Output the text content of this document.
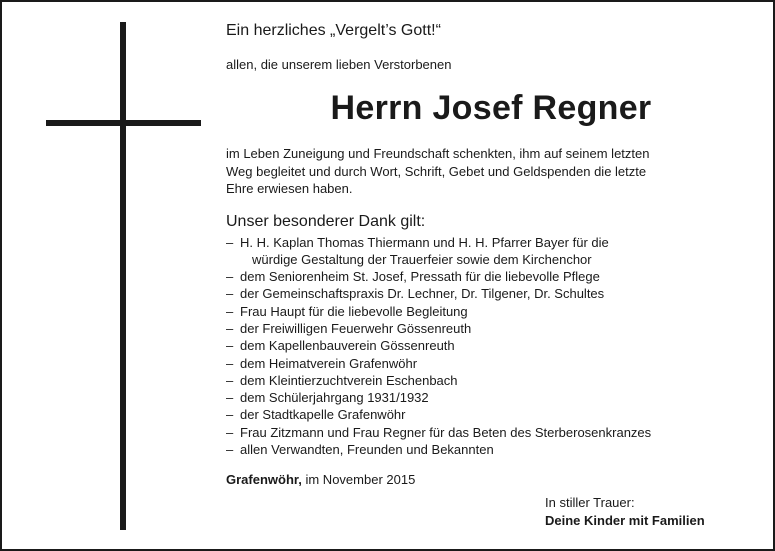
Ein herzliches „Vergelt’s Gott!“

allen, die unserem lieben Verstorbenen

Herrn Josef Regner

im Leben Zuneigung und Freundschaft schenkten, ihm auf seinem letzten
Weg begleitet und durch Wort, Schrift, Gebet und Geldspenden die letzte
Ehre erwiesen haben.

Unser besonderer Dank gilt:

– H. H. Kaplan Thomas Thiermann und H. H. Pfarrer Bayer für die
würdige Gestaltung der Trauerfeier sowie dem Kirchenchor
– dem Seniorenheim St. Josef, Pressath für die liebevolle Pflege
– der Gemeinschaftspraxis Dr. Lechner, Dr. Tilgener, Dr. Schultes
– Frau Haupt für die liebevolle Begleitung
– der Freiwilligen Feuerwehr Gössenreuth
– dem Kapellenbauverein Gössenreuth
– dem Heimatverein Grafenwöhr
– dem Kleintierzuchtverein Eschenbach
– dem Schülerjahrgang 1931/1932
– der Stadtkapelle Grafenwöhr
– Frau Zitzmann und Frau Regner für das Beten des Sterberosenkranzes
– allen Verwandten, Freunden und Bekannten

Grafenwöhr, im November 2015

In stiller Trauer:
Deine Kinder mit Familien
